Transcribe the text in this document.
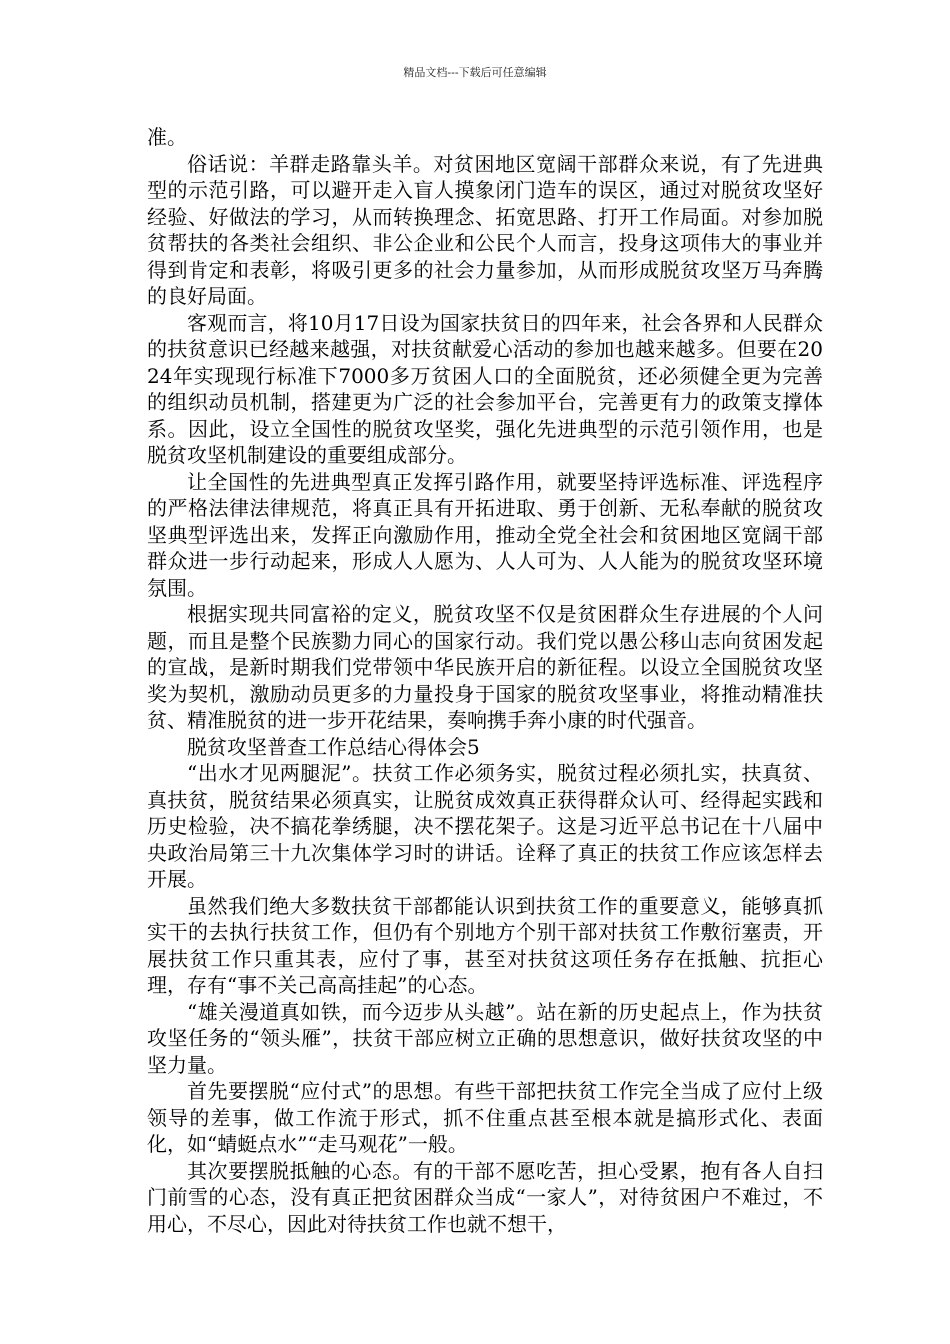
精品文档---下载后可任意编辑

准。

俗话说：羊群走路靠头羊。对贫困地区宽阔干部群众来说，有了先进典型的示范引路，可以避开走入盲人摸象闭门造车的误区，通过对脱贫攻坚好经验、好做法的学习，从而转换理念、拓宽思路、打开工作局面。对参加脱贫帮扶的各类社会组织、非公企业和公民个人而言，投身这项伟大的事业并得到肯定和表彰，将吸引更多的社会力量参加，从而形成脱贫攻坚万马奔腾的良好局面。

客观而言，将10月17日设为国家扶贫日的四年来，社会各界和人民群众的扶贫意识已经越来越强，对扶贫献爱心活动的参加也越来越多。但要在2024年实现现行标准下7000多万贫困人口的全面脱贫，还必须健全更为完善的组织动员机制，搭建更为广泛的社会参加平台，完善更有力的政策支撑体系。因此，设立全国性的脱贫攻坚奖，强化先进典型的示范引领作用，也是脱贫攻坚机制建设的重要组成部分。

让全国性的先进典型真正发挥引路作用，就要坚持评选标准、评选程序的严格法律法律规范，将真正具有开拓进取、勇于创新、无私奉献的脱贫攻坚典型评选出来，发挥正向激励作用，推动全党全社会和贫困地区宽阔干部群众进一步行动起来，形成人人愿为、人人可为、人人能为的脱贫攻坚环境氛围。

根据实现共同富裕的定义，脱贫攻坚不仅是贫困群众生存进展的个人问题，而且是整个民族勠力同心的国家行动。我们党以愚公移山志向贫困发起的宣战，是新时期我们党带领中华民族开启的新征程。以设立全国脱贫攻坚奖为契机，激励动员更多的力量投身于国家的脱贫攻坚事业，将推动精准扶贫、精准脱贫的进一步开花结果，奏响携手奔小康的时代强音。

脱贫攻坚普查工作总结心得体会5

“出水才见两腿泥”。扶贫工作必须务实，脱贫过程必须扎实，扶真贫、真扶贫，脱贫结果必须真实，让脱贫成效真正获得群众认可、经得起实践和历史检验，决不搞花拳绣腿，决不摆花架子。这是习近平总书记在十八届中央政治局第三十九次集体学习时的讲话。诠释了真正的扶贫工作应该怎样去开展。

虽然我们绝大多数扶贫干部都能认识到扶贫工作的重要意义，能够真抓实干的去执行扶贫工作，但仍有个别地方个别干部对扶贫工作敷衍塞责，开展扶贫工作只重其表，应付了事，甚至对扶贫这项任务存在抵触、抗拒心理，存有“事不关己高高挂起”的心态。

“雄关漫道真如铁，而今迈步从头越”。站在新的历史起点上，作为扶贫攻坚任务的“领头雁”，扶贫干部应树立正确的思想意识，做好扶贫攻坚的中坚力量。

首先要摆脱“应付式”的思想。有些干部把扶贫工作完全当成了应付上级领导的差事，做工作流于形式，抓不住重点甚至根本就是搞形式化、表面化，如“蜻蜓点水”“走马观花”一般。

其次要摆脱抵触的心态。有的干部不愿吃苦，担心受累，抱有各人自扫门前雪的心态，没有真正把贫困群众当成“一家人”，对待贫困户不难过，不用心，不尽心，因此对待扶贫工作也就不想干，
